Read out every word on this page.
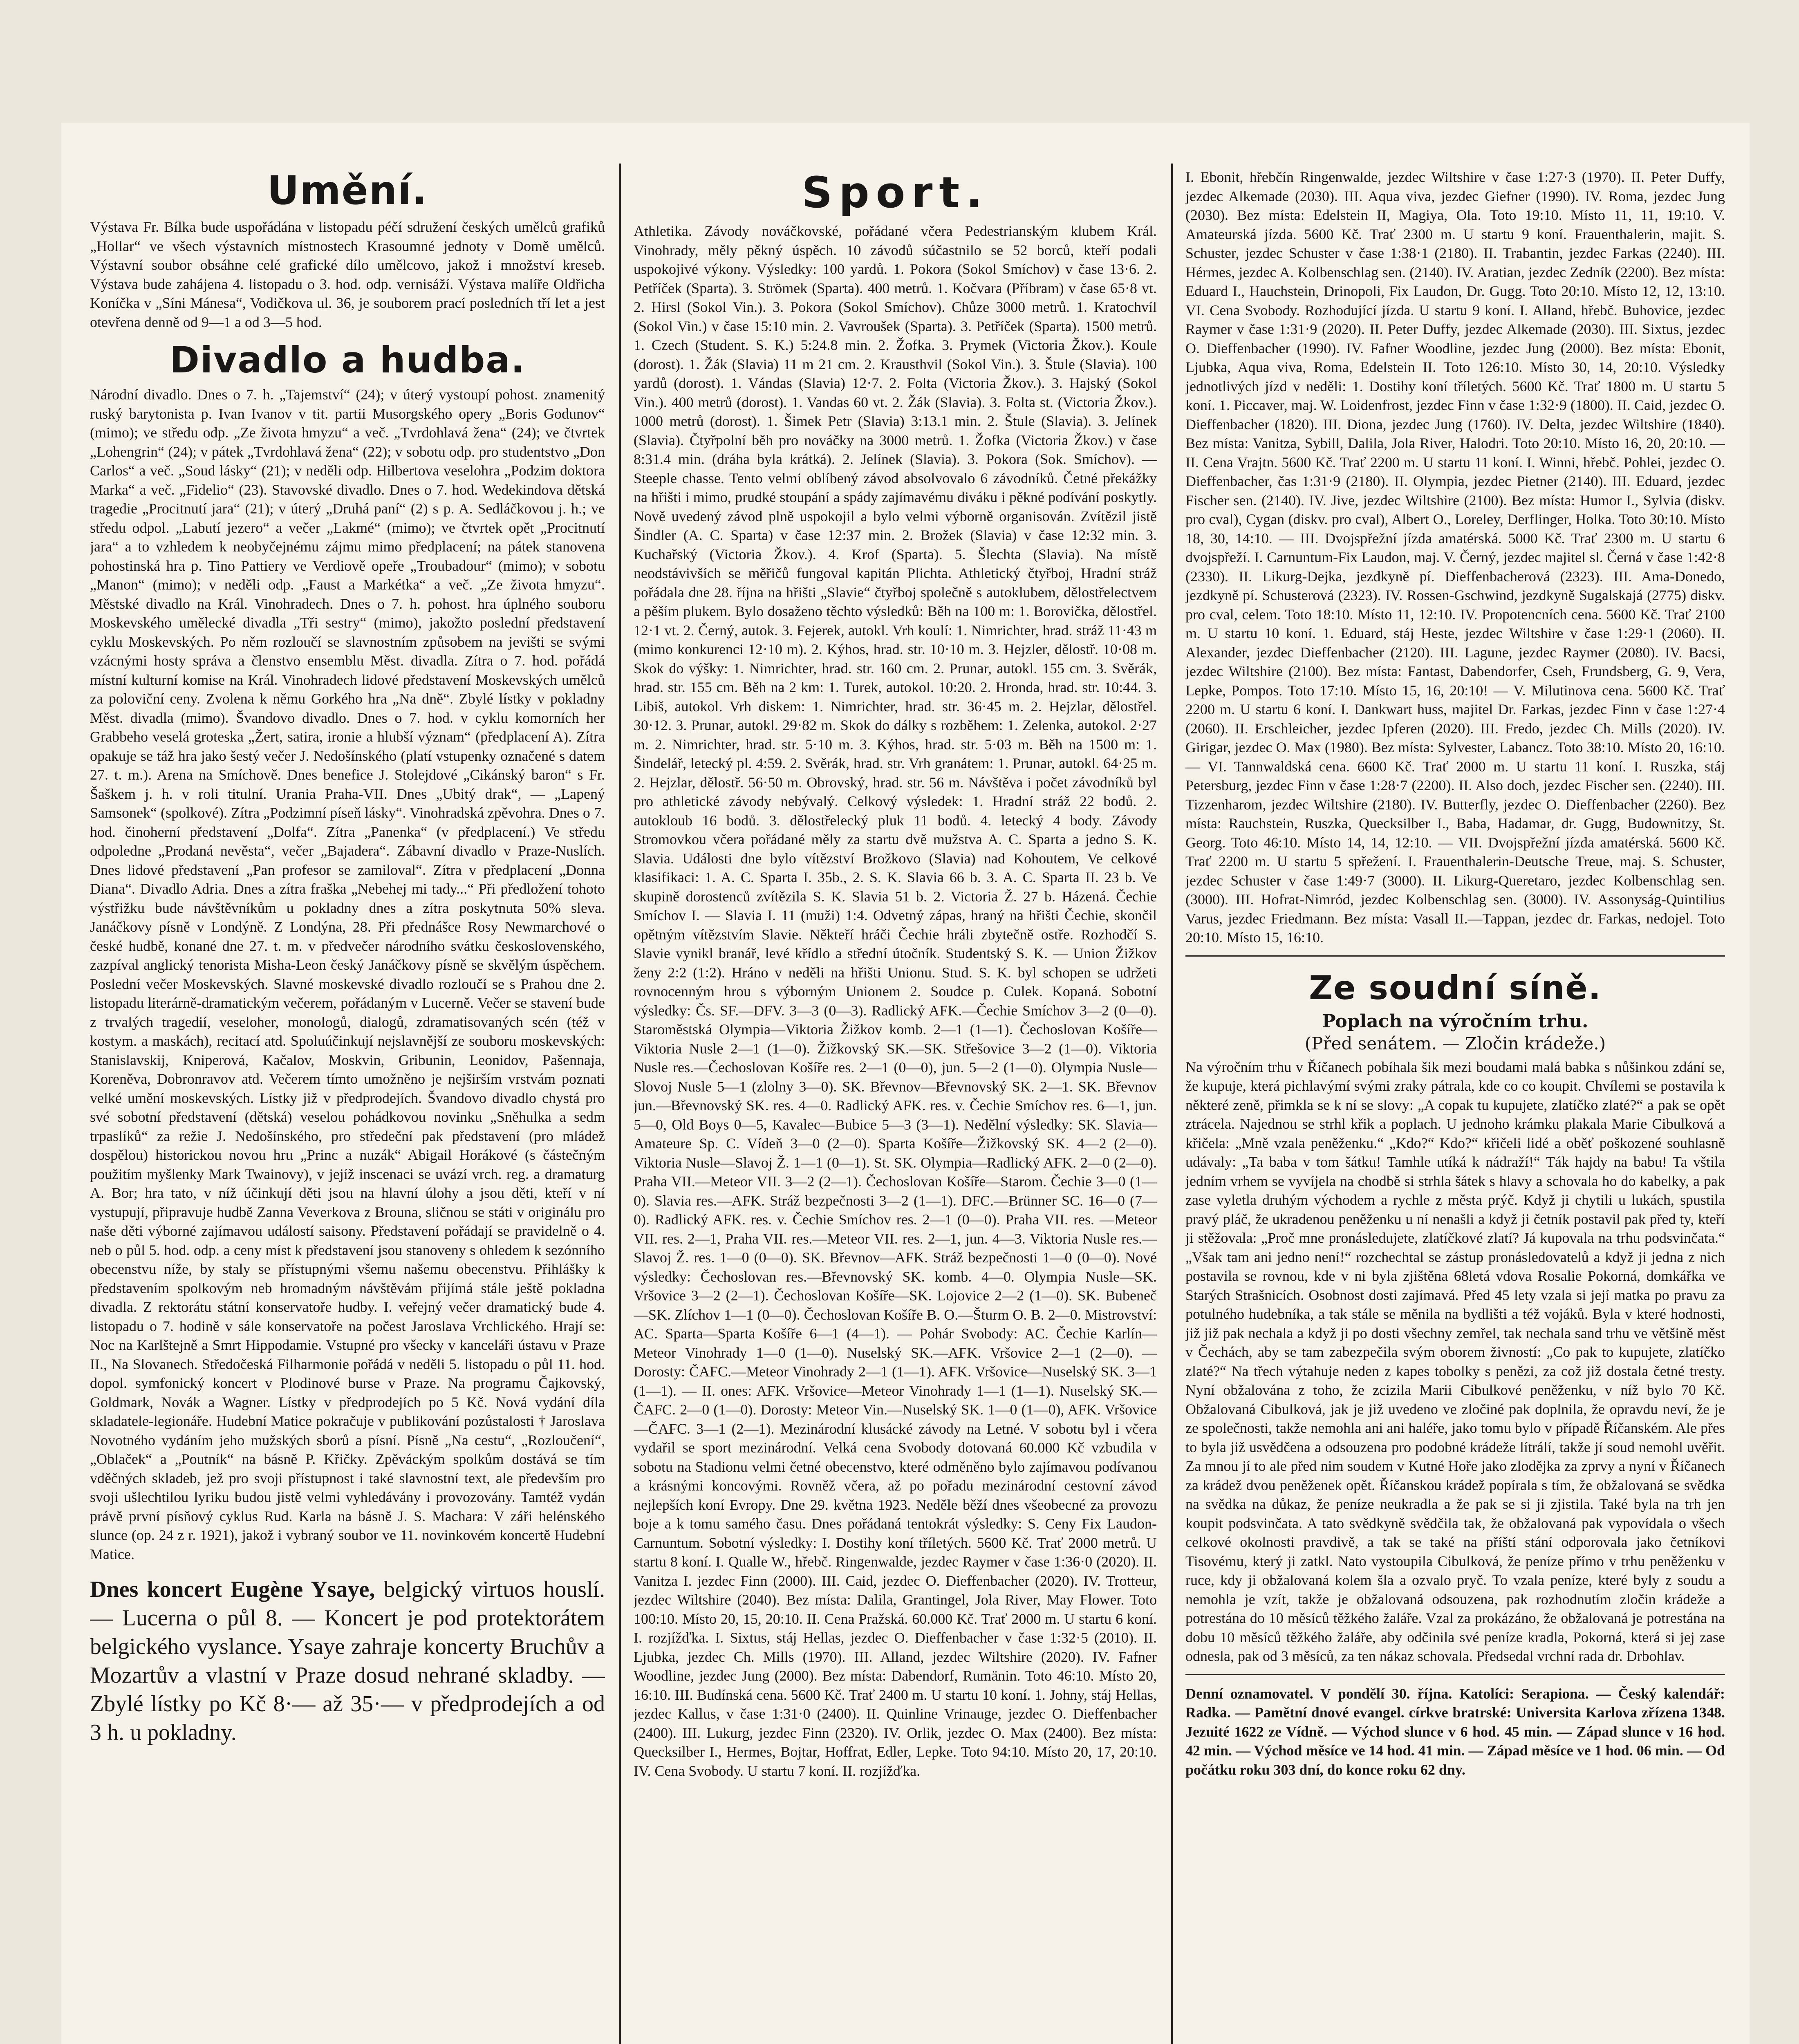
Umění.

Výstava Fr. Bílka bude uspořádána v listopadu péčí sdružení českých umělců grafiků „Hollar“ ve všech výstavních místnostech Krasoumné jednoty v Domě umělců. Výstavní soubor obsáhne celé grafické dílo umělcovo, jakož i množství kreseb. Výstava bude zahájena 4. listopadu o 3. hod. odp. vernisáží. Výstava malíře Oldřicha Koníčka v „Síni Mánesa“, Vodičkova ul. 36, je souborem prací posledních tří let a jest otevřena denně od 9—1 a od 3—5 hod.

Divadlo a hudba.

Národní divadlo. Dnes o 7. h. „Tajemství“ (24); v úterý vystoupí pohost. znamenitý ruský barytonista p. Ivan Ivanov v tit. partii Musorgského opery „Boris Godunov“ (mimo); ve středu odp. „Ze života hmyzu“ a več. „Tvrdohlavá žena“ (24); ve čtvrtek „Lohengrin“ (24); v pátek „Tvrdohlavá žena“ (22); v sobotu odp. pro studentstvo „Don Carlos“ a več. „Soud lásky“ (21); v neděli odp. Hilbertova veselohra „Podzim doktora Marka“ a več. „Fidelio“ (23). Stavovské divadlo. Dnes o 7. hod. Wedekindova dětská tragedie „Procitnutí jara“ (21); v úterý „Druhá paní“ (2) s p. A. Sedláčkovou j. h.; ve středu odpol. „Labutí jezero“ a večer „Lakmé“ (mimo); ve čtvrtek opět „Procitnutí jara“ a to vzhledem k neobyčejnému zájmu mimo předplacení; na pátek stanovena pohostinská hra p. Tino Pattiery ve Verdiově opeře „Troubadour“ (mimo); v sobotu „Manon“ (mimo); v neděli odp. „Faust a Markétka“ a več. „Ze života hmyzu“. Městské divadlo na Král. Vinohradech. Dnes o 7. h. pohost. hra úplného souboru Moskevského umělecké divadla „Tři sestry“ (mimo), jakožto poslední představení cyklu Moskevských. Po něm rozloučí se slavnostním způsobem na jevišti se svými vzácnými hosty správa a členstvo ensemblu Měst. divadla. Zítra o 7. hod. pořádá místní kulturní komise na Král. Vinohradech lidové představení Moskevských umělců za poloviční ceny. Zvolena k němu Gorkého hra „Na dně“. Zbylé lístky v pokladny Měst. divadla (mimo). Švandovo divadlo. Dnes o 7. hod. v cyklu komorních her Grabbeho veselá groteska „Žert, satira, ironie a hlubší význam“ (předplacení A). Zítra opakuje se táž hra jako šestý večer J. Nedošínského (platí vstupenky označené s datem 27. t. m.). Arena na Smíchově. Dnes benefice J. Stolejdové „Cikánský baron“ s Fr. Šaškem j. h. v roli titulní. Urania Praha-VII. Dnes „Ubitý drak“, — „Lapený Samsonek“ (spolkové). Zítra „Podzimní píseň lásky“. Vinohradská zpěvohra. Dnes o 7. hod. činoherní představení „Dolfa“. Zítra „Panenka“ (v předplacení.) Ve středu odpoledne „Prodaná nevěsta“, večer „Bajadera“. Zábavní divadlo v Praze-Nuslích. Dnes lidové představení „Pan profesor se zamiloval“. Zítra v předplacení „Donna Diana“. Divadlo Adria. Dnes a zítra fraška „Nebehej mi tady...“ Při předložení tohoto výstřižku bude návštěvníkům u pokladny dnes a zítra poskytnuta 50% sleva. Janáčkovy písně v Londýně. Z Londýna, 28. Při přednášce Rosy Newmarchové o české hudbě, konané dne 27. t. m. v předvečer národního svátku československého, zazpíval anglický tenorista Misha-Leon český Janáčkovy písně se skvělým úspěchem. Poslední večer Moskevských. Slavné moskevské divadlo rozloučí se s Prahou dne 2. listopadu literárně-dramatickým večerem, pořádaným v Lucerně. Večer se stavení bude z trvalých tragedií, veseloher, monologů, dialogů, zdramatisovaných scén (též v kostym. a maskách), recitací atd. Spoluúčinkují nejslavnější ze souboru moskevských: Stanislavskij, Kniperová, Kačalov, Moskvin, Gribunin, Leonidov, Pašennaja, Koreněva, Dobronravov atd. Večerem tímto umožněno je nejširším vrstvám poznati velké umění moskevských. Lístky již v předprodejích. Švandovo divadlo chystá pro své sobotní představení (dětská) veselou pohádkovou novinku „Sněhulka a sedm trpaslíků“ za režie J. Nedošínského, pro středeční pak představení (pro mládež dospělou) historickou novou hru „Princ a nuzák“ Abigail Horákové (s částečným použitím myšlenky Mark Twainovy), v jejíž inscenaci se uvází vrch. reg. a dramaturg A. Bor; hra tato, v níž účinkují děti jsou na hlavní úlohy a jsou děti, kteří v ní vystupují, připravuje hudbě Zanna Veverkova z Brouna, sličnou se státi v originálu pro naše děti výborné zajímavou událostí saisony. Představení pořádají se pravidelně o 4. neb o půl 5. hod. odp. a ceny míst k představení jsou stanoveny s ohledem k sezónního obecenstvu níže, by staly se přístupnými všemu našemu obecenstvu. Přihlášky k představením spolkovým neb hromadným návštěvám přijímá stále ještě pokladna divadla. Z rektorátu státní konservatoře hudby. I. veřejný večer dramatický bude 4. listopadu o 7. hodině v sále konservatoře na počest Jaroslava Vrchlického. Hrají se: Noc na Karlštejně a Smrt Hippodamie. Vstupné pro všecky v kanceláři ústavu v Praze II., Na Slovanech. Středočeská Filharmonie pořádá v neděli 5. listopadu o půl 11. hod. dopol. symfonický koncert v Plodinové burse v Praze. Na programu Čajkovský, Goldmark, Novák a Wagner. Lístky v předprodejích po 5 Kč. Nová vydání díla skladatele-legionáře. Hudební Matice pokračuje v publikování pozůstalosti † Jaroslava Novotného vydáním jeho mužských sborů a písní. Písně „Na cestu“, „Rozloučení“, „Oblaček“ a „Poutník“ na básně P. Křičky. Zpěváckým spolkům dostává se tím vděčných skladeb, jež pro svoji přístupnost i také slavnostní text, ale především pro svoji ušlechtilou lyriku budou jistě velmi vyhledávány i provozovány. Tamtéž vydán právě první písňový cyklus Rud. Karla na básně J. S. Machara: V záři helénského slunce (op. 24 z r. 1921), jakož i vybraný soubor ve 11. novinkovém koncertě Hudební Matice.

Dnes koncert Eugène Ysaye, belgický virtuos houslí. — Lucerna o půl 8. — Koncert je pod protektorátem belgického vyslance. Ysaye zahraje koncerty Bruchův a Mozartův a vlastní v Praze dosud nehrané skladby. — Zbylé lístky po Kč 8·— až 35·— v předprodejích a od 3 h. u pokladny.

Sport.

Athletika. Závody nováčkovské, pořádané včera Pedestrianským klubem Král. Vinohrady, měly pěkný úspěch. 10 závodů súčastnilo se 52 borců, kteří podali uspokojivé výkony. Výsledky: 100 yardů. 1. Pokora (Sokol Smíchov) v čase 13·6. 2. Petříček (Sparta). 3. Strömek (Sparta). 400 metrů. 1. Kočvara (Příbram) v čase 65·8 vt. 2. Hirsl (Sokol Vin.). 3. Pokora (Sokol Smíchov). Chůze 3000 metrů. 1. Kratochvíl (Sokol Vin.) v čase 15:10 min. 2. Vavroušek (Sparta). 3. Petříček (Sparta). 1500 metrů. 1. Czech (Student. S. K.) 5:24.8 min. 2. Žofka. 3. Prymek (Victoria Žkov.). Koule (dorost). 1. Žák (Slavia) 11 m 21 cm. 2. Krausthvil (Sokol Vin.). 3. Štule (Slavia). 100 yardů (dorost). 1. Vándas (Slavia) 12·7. 2. Folta (Victoria Žkov.). 3. Hajský (Sokol Vin.). 400 metrů (dorost). 1. Vandas 60 vt. 2. Žák (Slavia). 3. Folta st. (Victoria Žkov.). 1000 metrů (dorost). 1. Šimek Petr (Slavia) 3:13.1 min. 2. Štule (Slavia). 3. Jelínek (Slavia). Čtyřpolní běh pro nováčky na 3000 metrů. 1. Žofka (Victoria Žkov.) v čase 8:31.4 min. (dráha byla krátká). 2. Jelínek (Slavia). 3. Pokora (Sok. Smíchov). — Steeple chasse. Tento velmi oblíbený závod absolvovalo 6 závodníků. Četné překážky na hřišti i mimo, prudké stoupání a spády zajímavému diváku i pěkné podívání poskytly. Nově uvedený závod plně uspokojil a bylo velmi výborně organisován. Zvítězil jistě Šindler (A. C. Sparta) v čase 12:37 min. 2. Brožek (Slavia) v čase 12:32 min. 3. Kuchařský (Victoria Žkov.). 4. Krof (Sparta). 5. Šlechta (Slavia). Na místě neodstávivších se měřičů fungoval kapitán Plichta. Athletický čtyřboj, Hradní stráž pořádala dne 28. října na hřišti „Slavie“ čtyřboj společně s autoklubem, dělostřelectvem a pěším plukem. Bylo dosaženo těchto výsledků: Běh na 100 m: 1. Borovička, dělostřel. 12·1 vt. 2. Černý, autok. 3. Fejerek, autokl. Vrh koulí: 1. Nimrichter, hrad. stráž 11·43 m (mimo konkurenci 12·10 m). 2. Kýhos, hrad. str. 10·10 m. 3. Hejzler, dělostř. 10·08 m. Skok do výšky: 1. Nimrichter, hrad. str. 160 cm. 2. Prunar, autokl. 155 cm. 3. Svěrák, hrad. str. 155 cm. Běh na 2 km: 1. Turek, autokol. 10:20. 2. Hronda, hrad. str. 10:44. 3. Libiš, autokol. Vrh diskem: 1. Nimrichter, hrad. str. 36·45 m. 2. Hejzlar, dělostřel. 30·12. 3. Prunar, autokl. 29·82 m. Skok do dálky s rozběhem: 1. Zelenka, autokol. 2·27 m. 2. Nimrichter, hrad. str. 5·10 m. 3. Kýhos, hrad. str. 5·03 m. Běh na 1500 m: 1. Šindelář, letecký pl. 4:59. 2. Svěrák, hrad. str. Vrh granátem: 1. Prunar, autokl. 64·25 m. 2. Hejzlar, dělostř. 56·50 m. Obrovský, hrad. str. 56 m. Návštěva i počet závodníků byl pro athletické závody nebývalý. Celkový výsledek: 1. Hradní stráž 22 bodů. 2. autokloub 16 bodů. 3. dělostřelecký pluk 11 bodů. 4. letecký 4 body. Závody Stromovkou včera pořádané měly za startu dvě mužstva A. C. Sparta a jedno S. K. Slavia. Události dne bylo vítězství Brožkovo (Slavia) nad Kohoutem, Ve celkové klasifikaci: 1. A. C. Sparta I. 35b., 2. S. K. Slavia 66 b. 3. A. C. Sparta II. 23 b. Ve skupině dorostenců zvítězila S. K. Slavia 51 b. 2. Victoria Ž. 27 b. Házená. Čechie Smíchov I. — Slavia I. 11 (muži) 1:4. Odvetný zápas, hraný na hřišti Čechie, skončil opětným vítězstvím Slavie. Někteří hráči Čechie hráli zbytečně ostře. Rozhodčí S. Slavie vynikl branář, levé křídlo a střední útočník. Studentský S. K. — Union Žižkov ženy 2:2 (1:2). Hráno v neděli na hřišti Unionu. Stud. S. K. byl schopen se udržeti rovnocenným hrou s výborným Unionem 2. Soudce p. Culek. Kopaná. Sobotní výsledky: Čs. SF.—DFV. 3—3 (0—3). Radlický AFK.—Čechie Smíchov 3—2 (0—0). Staroměstská Olympia—Viktoria Žižkov komb. 2—1 (1—1). Čechoslovan Košíře—Viktoria Nusle 2—1 (1—0). Žižkovský SK.—SK. Střešovice 3—2 (1—0). Viktoria Nusle res.—Čechoslovan Košíře res. 2—1 (0—0), jun. 5—2 (1—0). Olympia Nusle—Slovoj Nusle 5—1 (zlolny 3—0). SK. Břevnov—Břevnovský SK. 2—1. SK. Břevnov jun.—Břevnovský SK. res. 4—0. Radlický AFK. res. v. Čechie Smíchov res. 6—1, jun. 5—0, Old Boys 0—5, Kavalec—Bubice 5—3 (3—1). Nedělní výsledky: SK. Slavia—Amateure Sp. C. Vídeň 3—0 (2—0). Sparta Košíře—Žižkovský SK. 4—2 (2—0). Viktoria Nusle—Slavoj Ž. 1—1 (0—1). St. SK. Olympia—Radlický AFK. 2—0 (2—0). Praha VII.—Meteor VII. 3—2 (2—1). Čechoslovan Košíře—Starom. Čechie 3—0 (1—0). Slavia res.—AFK. Stráž bezpečnosti 3—2 (1—1). DFC.—Brünner SC. 16—0 (7—0). Radlický AFK. res. v. Čechie Smíchov res. 2—1 (0—0). Praha VII. res. —Meteor VII. res. 2—1, Praha VII. res.—Meteor VII. res. 2—1, jun. 4—3. Viktoria Nusle res.—Slavoj Ž. res. 1—0 (0—0). SK. Břevnov—AFK. Stráž bezpečnosti 1—0 (0—0). Nové výsledky: Čechoslovan res.—Břevnovský SK. komb. 4—0. Olympia Nusle—SK. Vršovice 3—2 (2—1). Čechoslovan Košíře—SK. Lojovice 2—2 (1—0). SK. Bubeneč—SK. Zlíchov 1—1 (0—0). Čechoslovan Košíře B. O.—Šturm O. B. 2—0. Mistrovství: AC. Sparta—Sparta Košíře 6—1 (4—1). — Pohár Svobody: AC. Čechie Karlín—Meteor Vinohrady 1—0 (1—0). Nuselský SK.—AFK. Vršovice 2—1 (2—0). — Dorosty: ČAFC.—Meteor Vinohrady 2—1 (1—1). AFK. Vršovice—Nuselský SK. 3—1 (1—1). — II. ones: AFK. Vršovice—Meteor Vinohrady 1—1 (1—1). Nuselský SK.—ČAFC. 2—0 (1—0). Dorosty: Meteor Vin.—Nuselský SK. 1—0 (1—0), AFK. Vršovice—ČAFC. 3—1 (2—1). Mezinárodní klusácké závody na Letné. V sobotu byl i včera vydařil se sport mezinárodní. Velká cena Svobody dotovaná 60.000 Kč vzbudila v sobotu na Stadionu velmi četné obecenstvo, které odměněno bylo zajímavou podívanou a krásnými koncovými. Rovněž včera, až po pořadu mezinárodní cestovní závod nejlepších koní Evropy. Dne 29. května 1923. Neděle běží dnes všeobecné za provozu boje a k tomu samého času. Dnes pořádaná tentokrát výsledky: S. Ceny Fix Laudon-Carnuntum. Sobotní výsledky: I. Dostihy koní tříletých. 5600 Kč. Trať 2000 metrů. U startu 8 koní. I. Qualle W., hřebč. Ringenwalde, jezdec Raymer v čase 1:36·0 (2020). II. Vanitza I. jezdec Finn (2000). III. Caid, jezdec O. Dieffenbacher (2020). IV. Trotteur, jezdec Wiltshire (2040). Bez místa: Dalila, Grantingel, Jola River, May Flower. Toto 100:10. Místo 20, 15, 20:10. II. Cena Pražská. 60.000 Kč. Trať 2000 m. U startu 6 koní. I. rozjížďka. I. Sixtus, stáj Hellas, jezdec O. Dieffenbacher v čase 1:32·5 (2010). II. Ljubka, jezdec Ch. Mills (1970). III. Alland, jezdec Wiltshire (2020). IV. Fafner Woodline, jezdec Jung (2000). Bez místa: Dabendorf, Rumänin. Toto 46:10. Místo 20, 16:10. III. Budínská cena. 5600 Kč. Trať 2400 m. U startu 10 koní. 1. Johny, stáj Hellas, jezdec Kallus, v čase 1:31·0 (2400). II. Quinline Vrinauge, jezdec O. Dieffenbacher (2400). III. Lukurg, jezdec Finn (2320). IV. Orlik, jezdec O. Max (2400). Bez místa: Quecksilber I., Hermes, Bojtar, Hoffrat, Edler, Lepke. Toto 94:10. Místo 20, 17, 20:10. IV. Cena Svobody. U startu 7 koní. II. rozjížďka.

I. Ebonit, hřebčín Ringenwalde, jezdec Wiltshire v čase 1:27·3 (1970). II. Peter Duffy, jezdec Alkemade (2030). III. Aqua viva, jezdec Giefner (1990). IV. Roma, jezdec Jung (2030). Bez místa: Edelstein II, Magiya, Ola. Toto 19:10. Místo 11, 11, 19:10. V. Amateurská jízda. 5600 Kč. Trať 2300 m. U startu 9 koní. Frauenthalerin, majit. S. Schuster, jezdec Schuster v čase 1:38·1 (2180). II. Trabantin, jezdec Farkas (2240). III. Hérmes, jezdec A. Kolbenschlag sen. (2140). IV. Aratian, jezdec Zedník (2200). Bez místa: Eduard I., Hauchstein, Drinopoli, Fix Laudon, Dr. Gugg. Toto 20:10. Místo 12, 12, 13:10. VI. Cena Svobody. Rozhodující jízda. U startu 9 koní. I. Alland, hřebč. Buhovice, jezdec Raymer v čase 1:31·9 (2020). II. Peter Duffy, jezdec Alkemade (2030). III. Sixtus, jezdec O. Dieffenbacher (1990). IV. Fafner Woodline, jezdec Jung (2000). Bez místa: Ebonit, Ljubka, Aqua viva, Roma, Edelstein II. Toto 126:10. Místo 30, 14, 20:10. Výsledky jednotlivých jízd v neděli: 1. Dostihy koní tříletých. 5600 Kč. Trať 1800 m. U startu 5 koní. 1. Piccaver, maj. W. Loidenfrost, jezdec Finn v čase 1:32·9 (1800). II. Caid, jezdec O. Dieffenbacher (1820). III. Diona, jezdec Jung (1760). IV. Delta, jezdec Wiltshire (1840). Bez místa: Vanitza, Sybill, Dalila, Jola River, Halodri. Toto 20:10. Místo 16, 20, 20:10. — II. Cena Vrajtn. 5600 Kč. Trať 2200 m. U startu 11 koní. I. Winni, hřebč. Pohlei, jezdec O. Dieffenbacher, čas 1:31·9 (2180). II. Olympia, jezdec Pietner (2140). III. Eduard, jezdec Fischer sen. (2140). IV. Jive, jezdec Wiltshire (2100). Bez místa: Humor I., Sylvia (diskv. pro cval), Cygan (diskv. pro cval), Albert O., Loreley, Derflinger, Holka. Toto 30:10. Místo 18, 30, 14:10. — III. Dvojspřežní jízda amatérská. 5000 Kč. Trať 2300 m. U startu 6 dvojspřeží. I. Carnuntum-Fix Laudon, maj. V. Černý, jezdec majitel sl. Černá v čase 1:42·8 (2330). II. Likurg-Dejka, jezdkyně pí. Dieffenbacherová (2323). III. Ama-Donedo, jezdkyně pí. Schusterová (2323). IV. Rossen-Gschwind, jezdkyně Sugalskajá (2775) diskv. pro cval, celem. Toto 18:10. Místo 11, 12:10. IV. Propotencních cena. 5600 Kč. Trať 2100 m. U startu 10 koní. 1. Eduard, stáj Heste, jezdec Wiltshire v čase 1:29·1 (2060). II. Alexander, jezdec Dieffenbacher (2120). III. Lagune, jezdec Raymer (2080). IV. Bacsi, jezdec Wiltshire (2100). Bez místa: Fantast, Dabendorfer, Cseh, Frundsberg, G. 9, Vera, Lepke, Pompos. Toto 17:10. Místo 15, 16, 20:10! — V. Milutinova cena. 5600 Kč. Trať 2200 m. U startu 6 koní. I. Dankwart huss, majitel Dr. Farkas, jezdec Finn v čase 1:27·4 (2060). II. Erschleicher, jezdec Ipferen (2020). III. Fredo, jezdec Ch. Mills (2020). IV. Girigar, jezdec O. Max (1980). Bez místa: Sylvester, Labancz. Toto 38:10. Místo 20, 16:10. — VI. Tannwaldská cena. 6600 Kč. Trať 2000 m. U startu 11 koní. I. Ruszka, stáj Petersburg, jezdec Finn v čase 1:28·7 (2200). II. Also doch, jezdec Fischer sen. (2240). III. Tizzenharom, jezdec Wiltshire (2180). IV. Butterfly, jezdec O. Dieffenbacher (2260). Bez místa: Rauchstein, Ruszka, Quecksilber I., Baba, Hadamar, dr. Gugg, Budownitzy, St. Georg. Toto 46:10. Místo 14, 14, 12:10. — VII. Dvojspřežní jízda amatérská. 5600 Kč. Trať 2200 m. U startu 5 spřežení. I. Frauenthalerin-Deutsche Treue, maj. S. Schuster, jezdec Schuster v čase 1:49·7 (3000). II. Likurg-Queretaro, jezdec Kolbenschlag sen. (3000). III. Hofrat-Nimród, jezdec Kolbenschlag sen. (3000). IV. Assonyság-Quintilius Varus, jezdec Friedmann. Bez místa: Vasall II.—Tappan, jezdec dr. Farkas, nedojel. Toto 20:10. Místo 15, 16:10.

Ze soudní síně.
Poplach na výročním trhu.
(Před senátem. — Zločin krádeže.)

Na výročním trhu v Říčanech pobíhala šik mezi boudami malá babka s nůšinkou zdání se, že kupuje, která pichlavýmí svými zraky pátrala, kde co co koupit. Chvílemi se postavila k některé zeně, přimkla se k ní se slovy: „A copak tu kupujete, zlatíčko zlaté?“ a pak se opět ztrácela. Najednou se strhl křik a poplach. U jednoho krámku plakala Marie Cibulková a křičela: „Mně vzala peněženku.“ „Kdo?“ Kdo?“ křičeli lidé a oběť poškozené souhlasně udávaly: „Ta baba v tom šátku! Tamhle utíká k nádraží!“ Ták hajdy na babu! Ta vštila jedním vrhem se vyvíjela na chodbě si strhla šátek s hlavy a schovala ho do kabelky, a pak zase vyletla druhým východem a rychle z města prýč. Když ji chytili u lukách, spustila pravý pláč, že ukradenou peněženku u ní nenašli a když ji četník postavil pak před ty, kteří ji stěžovala: „Proč mne pronásledujete, zlatíčkové zlatí? Já kupovala na trhu podsvinčata.“ „Však tam ani jedno není!“ rozchechtal se zástup pronásledovatelů a když ji jedna z nich postavila se rovnou, kde v ni byla zjištěna 68letá vdova Rosalie Pokorná, domkářka ve Starých Strašnicích. Osobnost dosti zajímavá. Před 45 lety vzala si její matka po pravu za potulného hudebníka, a tak stále se měnila na bydlišti a též vojáků. Byla v které hodnosti, již již pak nechala a když ji po dosti všechny zemřel, tak nechala sand trhu ve většině měst v Čechách, aby se tam zabezpečila svým oborem živností: „Co pak to kupujete, zlatíčko zlaté?“ Na třech výtahuje neden z kapes tobolky s penězi, za což již dostala četné tresty. Nyní obžalována z toho, že zcizila Marii Cibulkové peněženku, v níž bylo 70 Kč. Obžalovaná Cibulková, jak je již uvedeno ve zločiné pak doplnila, že opravdu neví, že je ze společnosti, takže nemohla ani ani haléře, jako tomu bylo v případě Říčanském. Ale přes to byla již usvědčena a odsouzena pro podobné krádeže lítrálí, takže jí soud nemohl uvěřit. Za mnou jí to ale před nim soudem v Kutné Hoře jako zlodějka za zprvy a nyní v Říčanech za krádež dvou peněženek opět. Říčanskou krádež popírala s tím, že obžalovaná se svědka na svědka na důkaz, že peníze neukradla a že pak se si ji zjistila. Také byla na trh jen koupit podsvinčata. A tato svědkyně svědčila tak, že obžalovaná pak vypovídala o všech celkové okolnosti pravdivě, a tak se také na příští stání odporovala jako četníkovi Tisovému, který ji zatkl. Nato vystoupila Cibulková, že peníze přímo v trhu peněženku v ruce, kdy ji obžalovaná kolem šla a ozvalo pryč. To vzala peníze, které byly z soudu a nemohla je vzít, takže je obžalovaná odsouzena, pak rozhodnutím zločin krádeže a potrestána do 10 měsíců těžkého žaláře. Vzal za prokázáno, že obžalovaná je potrestána na dobu 10 měsíců těžkého žaláře, aby odčinila své peníze kradla, Pokorná, která si jej zase odnesla, pak od 3 měsíců, za ten nákaz schovala. Předsedal vrchní rada dr. Drbohlav.

Denní oznamovatel. V pondělí 30. října. Katolíci: Serapiona. — Český kalendář: Radka. — Pamětní dnové evangel. církve bratrské: Universita Karlova zřízena 1348. Jezuité 1622 ze Vídně. — Východ slunce v 6 hod. 45 min. — Západ slunce v 16 hod. 42 min. — Východ měsíce ve 14 hod. 41 min. — Západ měsíce ve 1 hod. 06 min. — Od počátku roku 303 dní, do konce roku 62 dny.
